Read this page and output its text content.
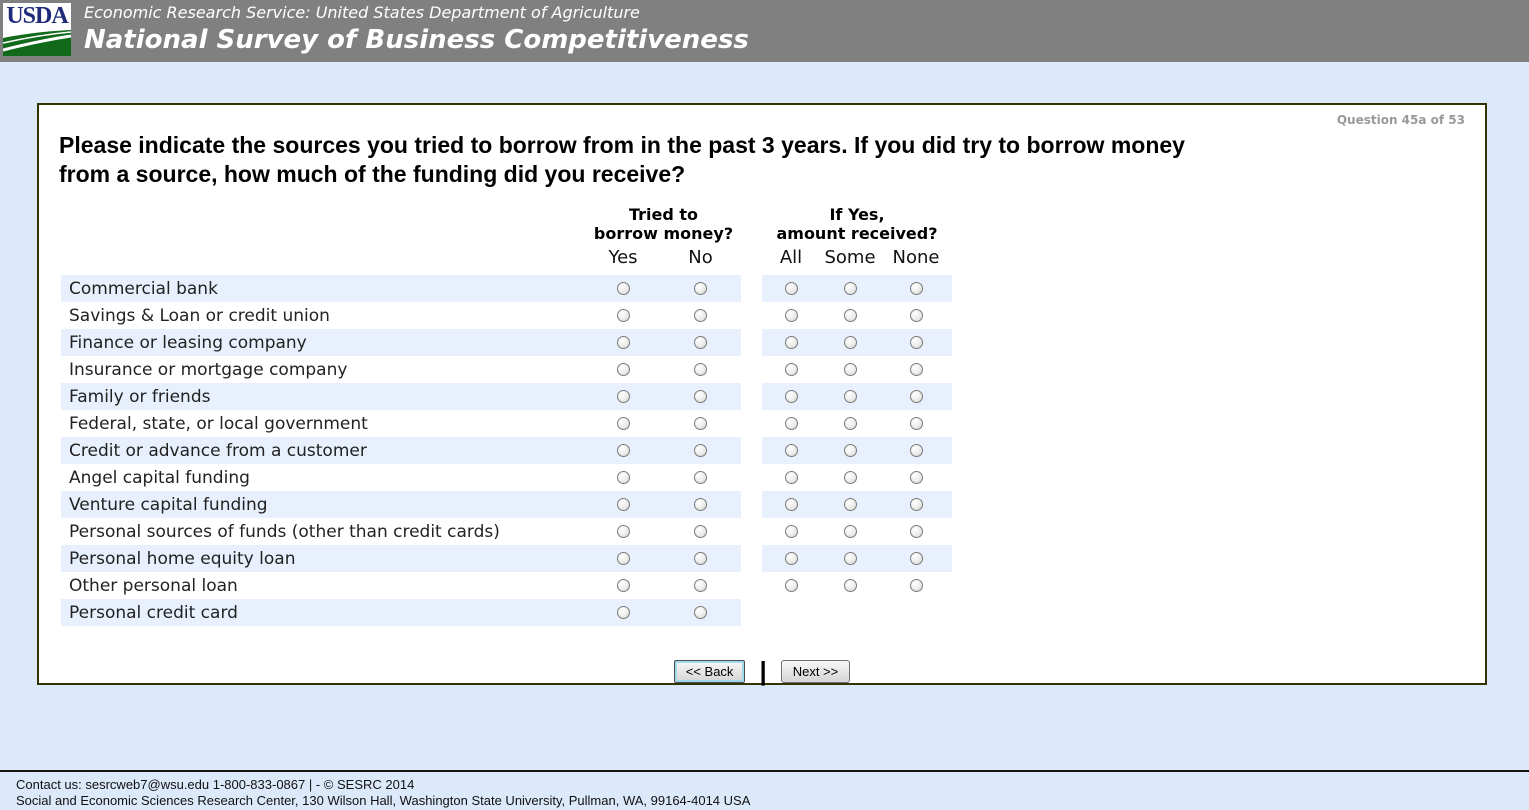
USDA Economic Research Service: United States Department of Agriculture
National Survey of Business Competitiveness
Question 45a of 53
Please indicate the sources you tried to borrow from in the past 3 years. If you did try to borrow money
from a source, how much of the funding did you receive?
Tried to
borrow money?
If Yes,
amount received?
Yes	No	All	Some None
Commercial bank
Savings & Loan or credit union
Finance or leasing company
Insurance or mortgage company
Family or friends
Federal, state, or local government
Credit or advance from a customer
Angel capital funding
Venture capital funding
Personal sources of funds (other than credit cards)
Personal home equity loan
Other personal loan
Personal credit card
<< Back	|	Next >>
Contact us: sesrcweb7@wsu.edu 1-800-833-0867 | - © SESRC 2014
Social and Economic Sciences Research Center, 130 Wilson Hall, Washington State University, Pullman, WA, 99164-4014 USA
